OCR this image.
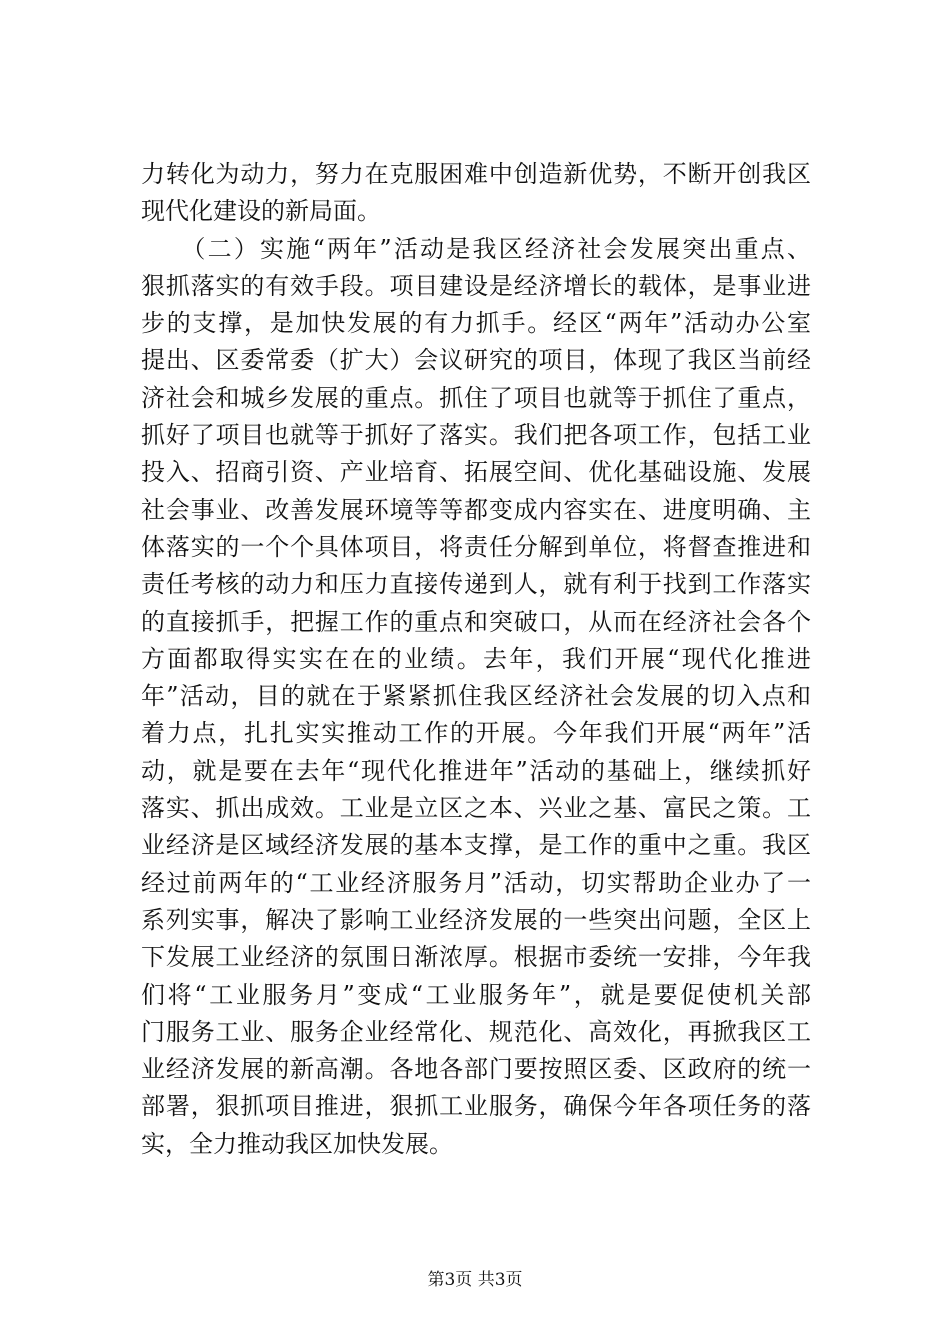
力转化为动力，努力在克服困难中创造新优势，不断开创我区
现代化建设的新局面。
　　（二）实施“两年”活动是我区经济社会发展突出重点、
狠抓落实的有效手段。项目建设是经济增长的载体，是事业进
步的支撑，是加快发展的有力抓手。经区“两年”活动办公室
提出、区委常委（扩大）会议研究的项目，体现了我区当前经
济社会和城乡发展的重点。抓住了项目也就等于抓住了重点，
抓好了项目也就等于抓好了落实。我们把各项工作，包括工业
投入、招商引资、产业培育、拓展空间、优化基础设施、发展
社会事业、改善发展环境等等都变成内容实在、进度明确、主
体落实的一个个具体项目，将责任分解到单位，将督查推进和
责任考核的动力和压力直接传递到人，就有利于找到工作落实
的直接抓手，把握工作的重点和突破口，从而在经济社会各个
方面都取得实实在在的业绩。去年，我们开展“现代化推进
年”活动，目的就在于紧紧抓住我区经济社会发展的切入点和
着力点，扎扎实实推动工作的开展。今年我们开展“两年”活
动，就是要在去年“现代化推进年”活动的基础上，继续抓好
落实、抓出成效。工业是立区之本、兴业之基、富民之策。工
业经济是区域经济发展的基本支撑，是工作的重中之重。我区
经过前两年的“工业经济服务月”活动，切实帮助企业办了一
系列实事，解决了影响工业经济发展的一些突出问题，全区上
下发展工业经济的氛围日渐浓厚。根据市委统一安排，今年我
们将“工业服务月”变成“工业服务年”，就是要促使机关部
门服务工业、服务企业经常化、规范化、高效化，再掀我区工
业经济发展的新高潮。各地各部门要按照区委、区政府的统一
部署，狠抓项目推进，狠抓工业服务，确保今年各项任务的落
实，全力推动我区加快发展。
第3页 共3页
